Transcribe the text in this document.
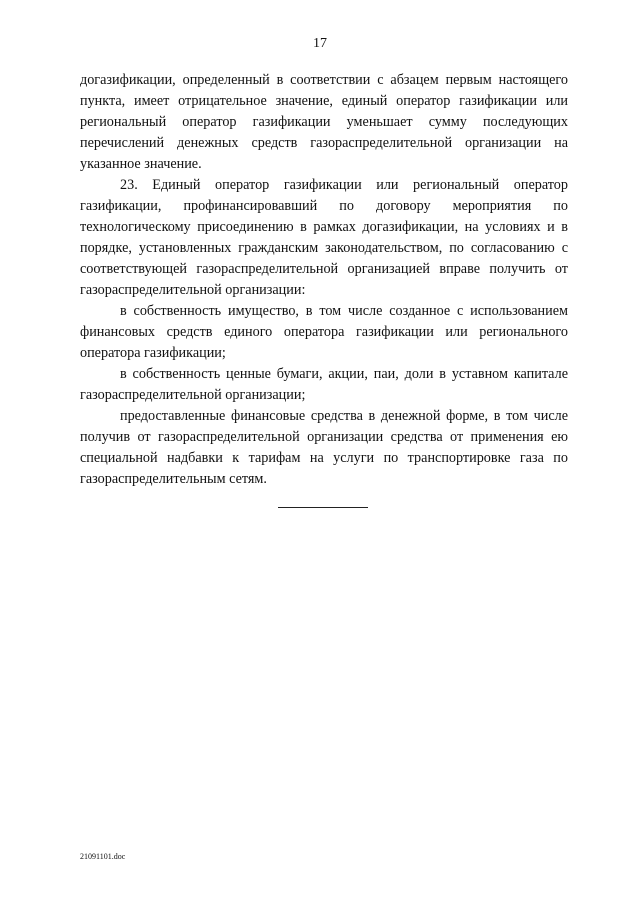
17

догазификации, определенный в соответствии с абзацем первым настоящего пункта, имеет отрицательное значение, единый оператор газификации или региональный оператор газификации уменьшает сумму последующих перечислений денежных средств газораспределительной организации на указанное значение.

23. Единый оператор газификации или региональный оператор газификации, профинансировавший по договору мероприятия по технологическому присоединению в рамках догазификации, на условиях и в порядке, установленных гражданским законодательством, по согласованию с соответствующей газораспределительной организацией вправе получить от газораспределительной организации:

в собственность имущество, в том числе созданное с использованием финансовых средств единого оператора газификации или регионального оператора газификации;

в собственность ценные бумаги, акции, паи, доли в уставном капитале газораспределительной организации;

предоставленные финансовые средства в денежной форме, в том числе получив от газораспределительной организации средства от применения ею специальной надбавки к тарифам на услуги по транспортировке газа по газораспределительным сетям.

21091101.doc
